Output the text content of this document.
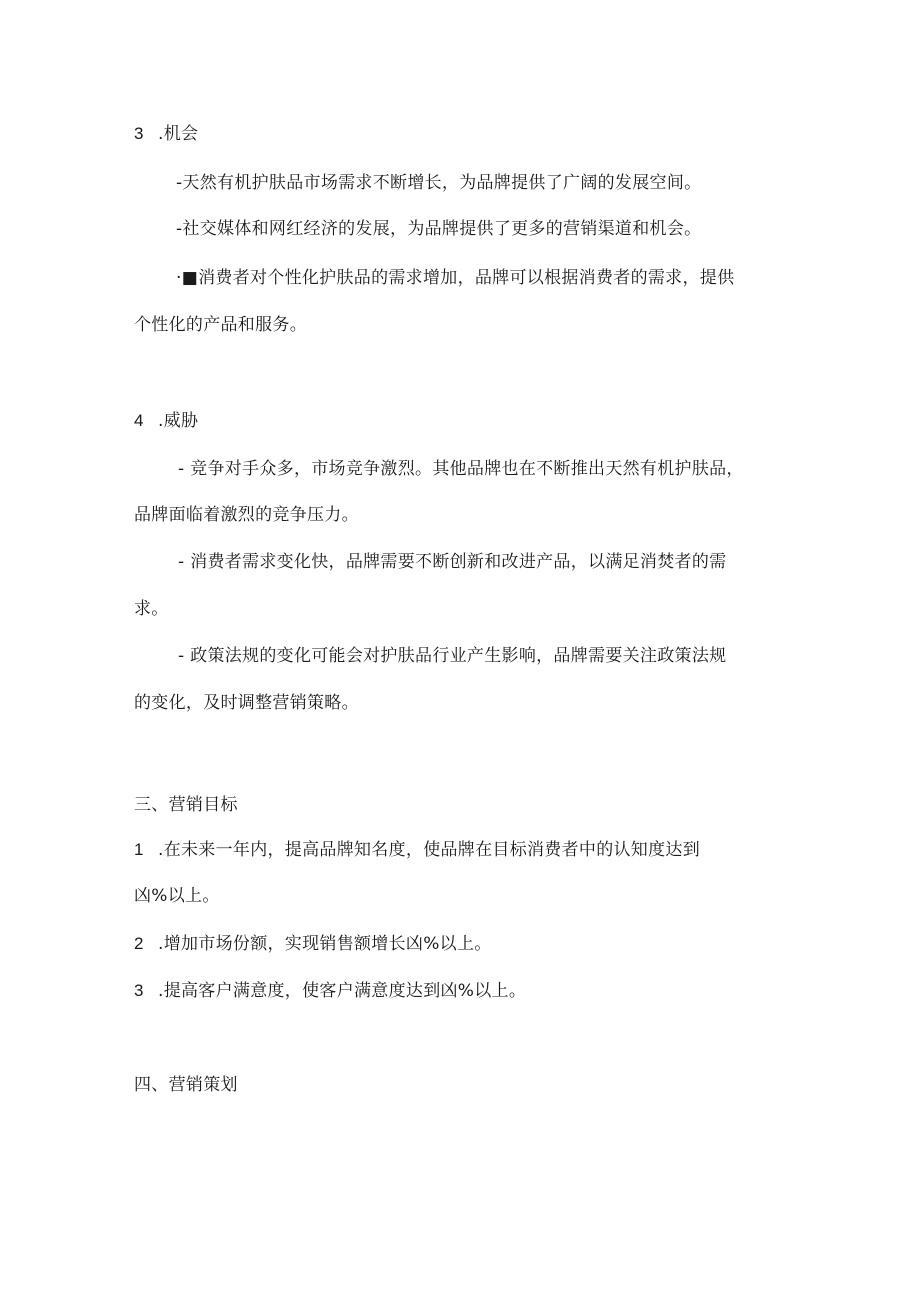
3 .机会
-天然有机护肤品市场需求不断增长，为品牌提供了广阔的发展空间。
-社交媒体和网红经济的发展，为品牌提供了更多的营销渠道和机会。
·■消费者对个性化护肤品的需求增加，品牌可以根据消费者的需求，提供
个性化的产品和服务。
4 .威胁
- 竞争对手众多，市场竞争激烈。其他品牌也在不断推出天然有机护肤品，
品牌面临着激烈的竞争压力。
- 消费者需求变化快，品牌需要不断创新和改进产品，以满足消焚者的需
求。
- 政策法规的变化可能会对护肤品行业产生影响，品牌需要关注政策法规
的变化，及时调整营销策略。
三、营销目标
1 .在未来一年内，提高品牌知名度，使品牌在目标消费者中的认知度达到
凶%以上。
2 .增加市场份额，实现销售额增长凶%以上。
3 .提高客户满意度，使客户满意度达到凶%以上。
四、营销策划
